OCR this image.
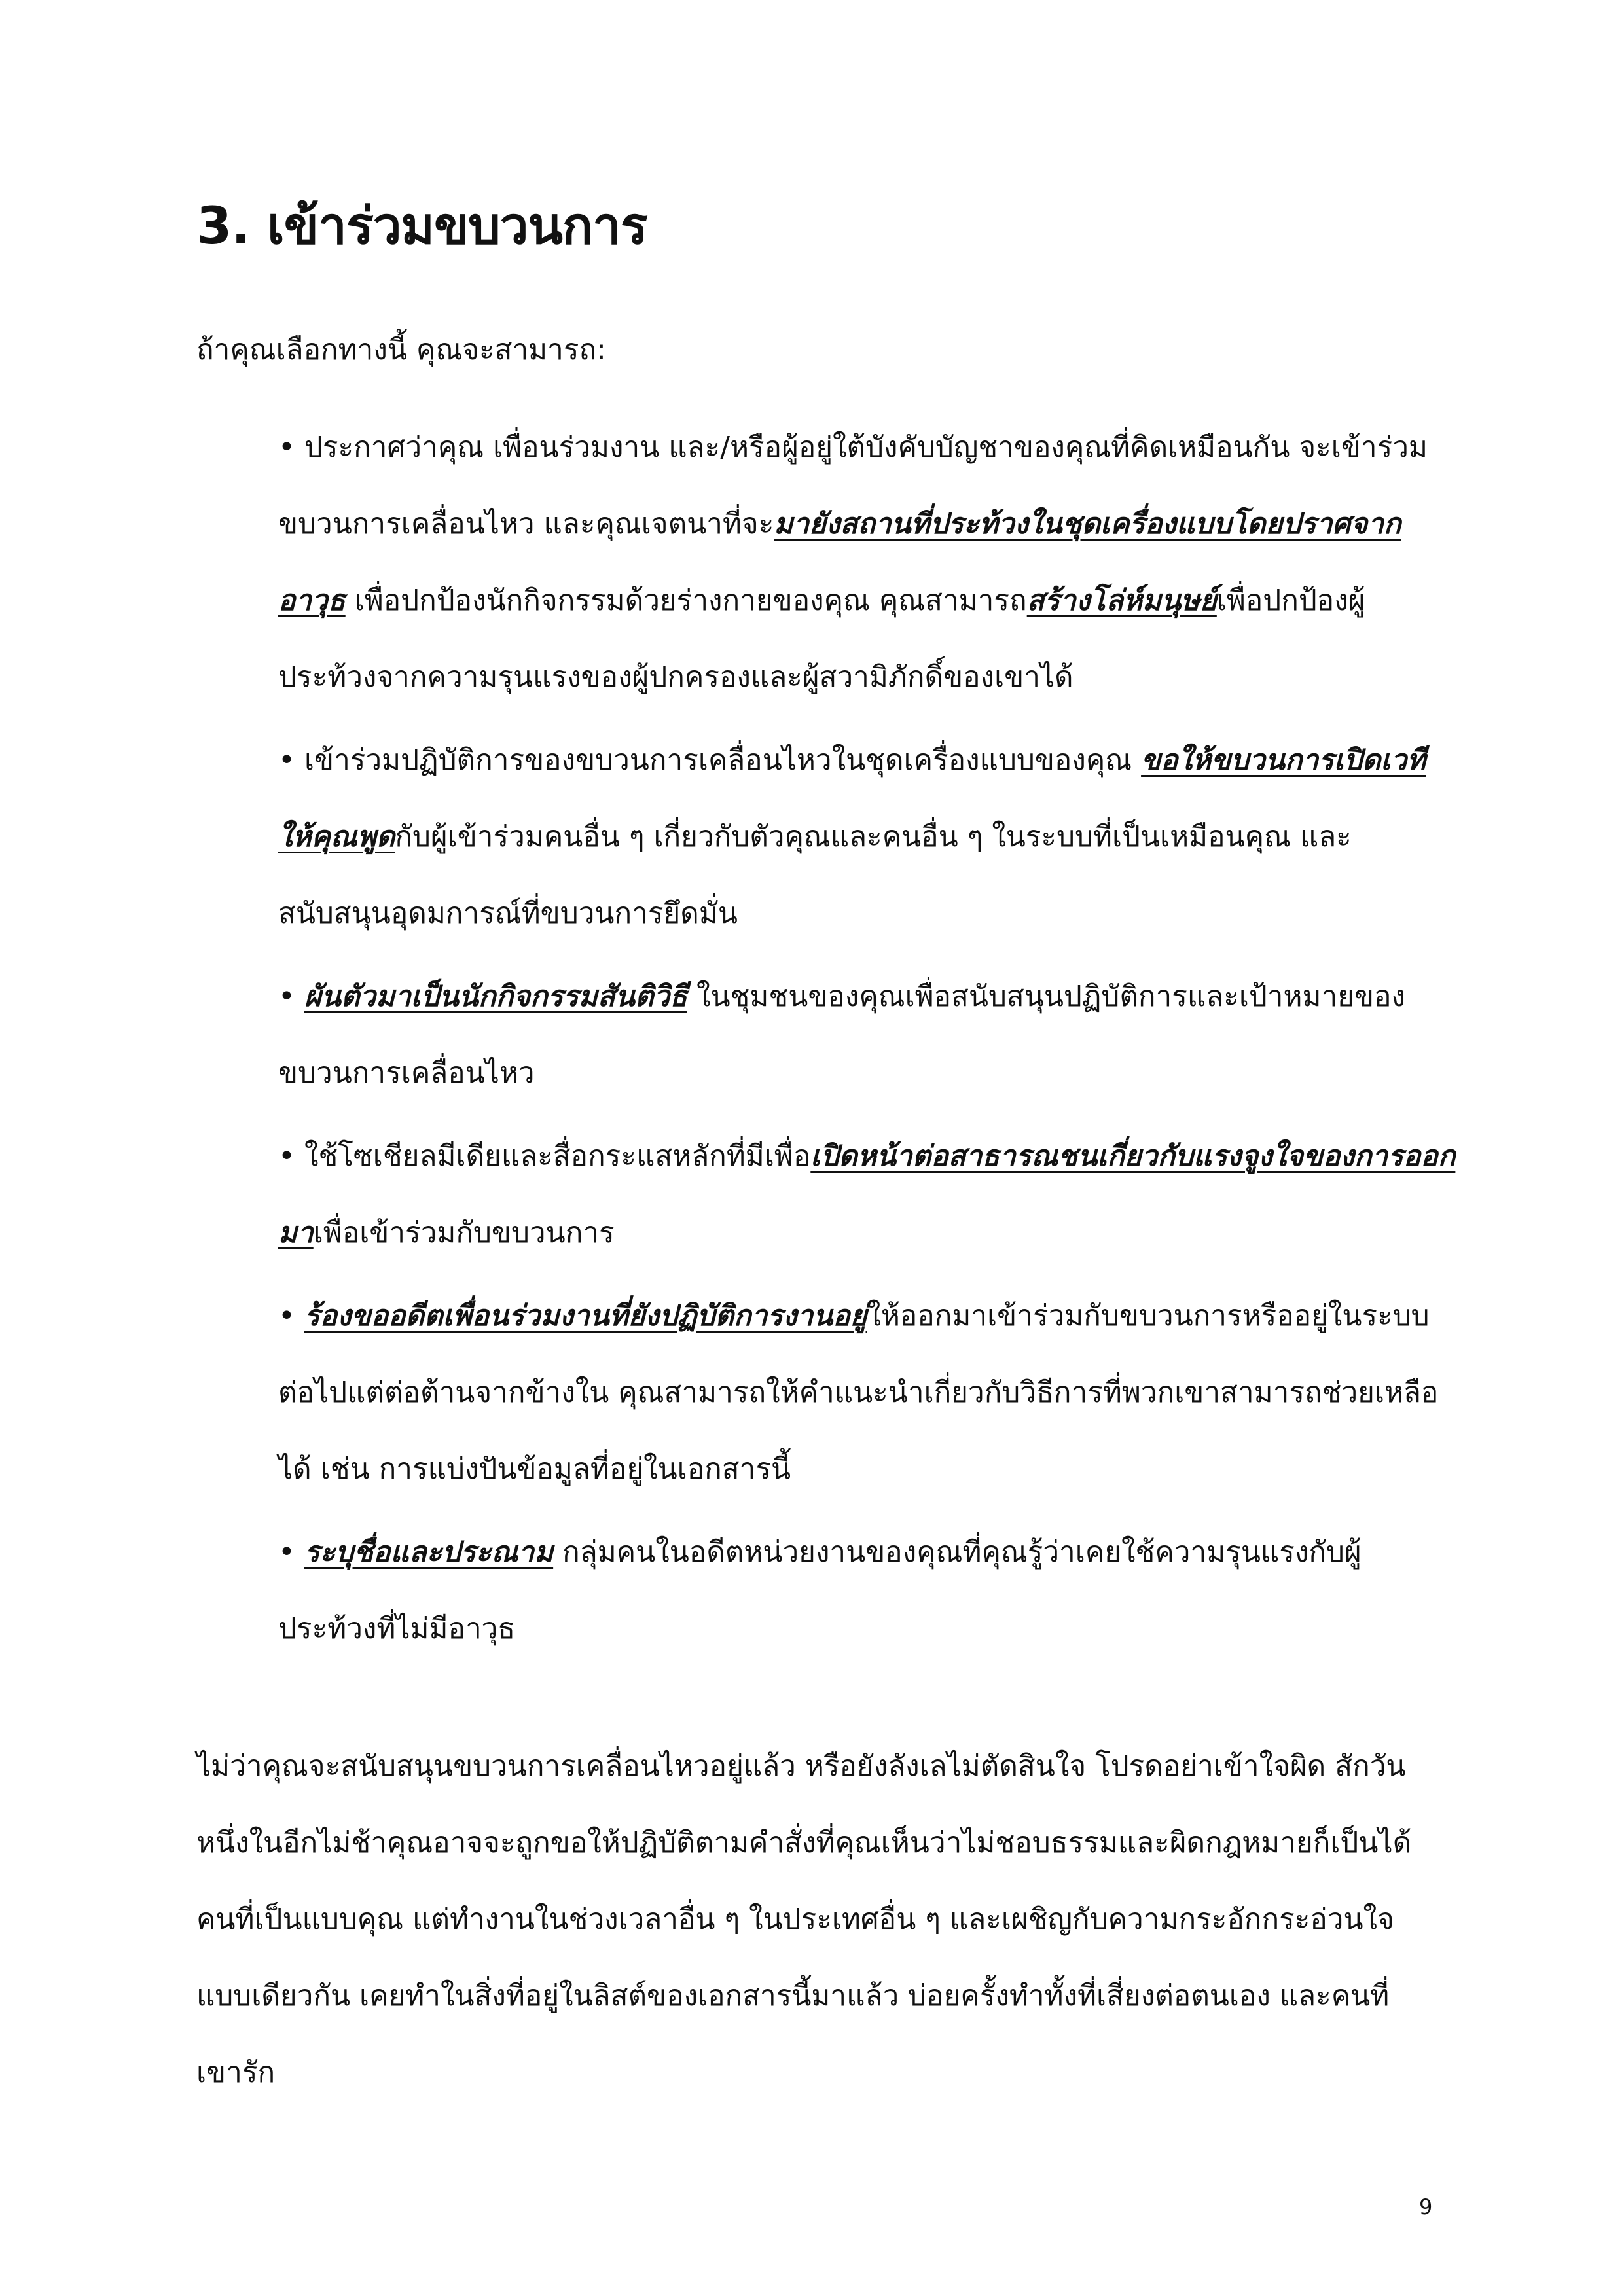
3. เข้าร่วมขบวนการ

ถ้าคุณเลือกทางนี้ คุณจะสามารถ:

• ประกาศว่าคุณ เพื่อนร่วมงาน และ/หรือผู้อยู่ใต้บังคับบัญชาของคุณที่คิดเหมือนกัน จะเข้าร่วมขบวนการเคลื่อนไหว และคุณเจตนาที่จะมายังสถานที่ประท้วงในชุดเครื่องแบบโดยปราศจากอาวุธ เพื่อปกป้องนักกิจกรรมด้วยร่างกายของคุณ คุณสามารถสร้างโล่ห์มนุษย์เพื่อปกป้องผู้ประท้วงจากความรุนแรงของผู้ปกครองและผู้สวามิภักดิ์ของเขาได้
• เข้าร่วมปฏิบัติการของขบวนการเคลื่อนไหวในชุดเครื่องแบบของคุณ ขอให้ขบวนการเปิดเวทีให้คุณพูดกับผู้เข้าร่วมคนอื่น ๆ เกี่ยวกับตัวคุณและคนอื่น ๆ ในระบบที่เป็นเหมือนคุณ และสนับสนุนอุดมการณ์ที่ขบวนการยึดมั่น
• ผันตัวมาเป็นนักกิจกรรมสันติวิธี ในชุมชนของคุณเพื่อสนับสนุนปฏิบัติการและเป้าหมายของขบวนการเคลื่อนไหว
• ใช้โซเชียลมีเดียและสื่อกระแสหลักที่มีเพื่อเปิดหน้าต่อสาธารณชนเกี่ยวกับแรงจูงใจของการออกมาเพื่อเข้าร่วมกับขบวนการ
• ร้องขออดีตเพื่อนร่วมงานที่ยังปฏิบัติการงานอยู่ให้ออกมาเข้าร่วมกับขบวนการหรืออยู่ในระบบต่อไปแต่ต่อต้านจากข้างใน คุณสามารถให้คำแนะนำเกี่ยวกับวิธีการที่พวกเขาสามารถช่วยเหลือได้ เช่น การแบ่งปันข้อมูลที่อยู่ในเอกสารนี้
• ระบุชื่อและประณาม กลุ่มคนในอดีตหน่วยงานของคุณที่คุณรู้ว่าเคยใช้ความรุนแรงกับผู้ประท้วงที่ไม่มีอาวุธ

ไม่ว่าคุณจะสนับสนุนขบวนการเคลื่อนไหวอยู่แล้ว หรือยังลังเลไม่ตัดสินใจ โปรดอย่าเข้าใจผิด สักวันหนึ่งในอีกไม่ช้าคุณอาจจะถูกขอให้ปฏิบัติตามคำสั่งที่คุณเห็นว่าไม่ชอบธรรมและผิดกฎหมายก็เป็นได้ คนที่เป็นแบบคุณ แต่ทำงานในช่วงเวลาอื่น ๆ ในประเทศอื่น ๆ และเผชิญกับความกระอักกระอ่วนใจแบบเดียวกัน เคยทำในสิ่งที่อยู่ในลิสต์ของเอกสารนี้มาแล้ว บ่อยครั้งทำทั้งที่เสี่ยงต่อตนเอง และคนที่เขารัก

9
